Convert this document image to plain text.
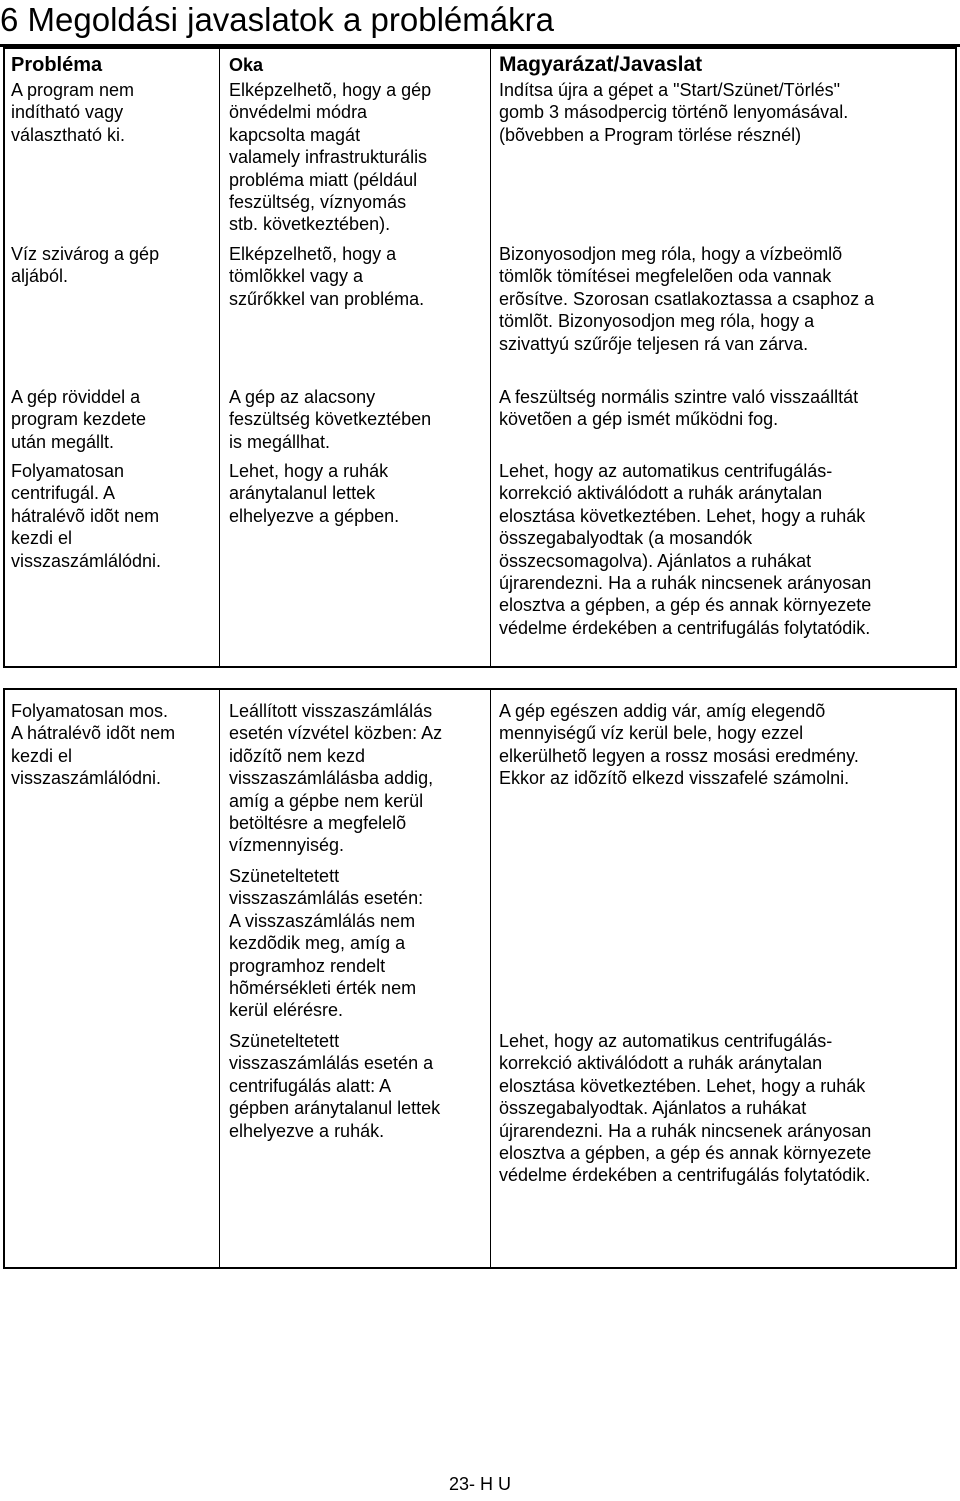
6 Megoldási javaslatok a problémákra
Probléma	Oka	Magyarázat/Javaslat
A program nem
indítható vagy
választható ki.
Elképzelhetõ, hogy a gép
önvédelmi módra
kapcsolta magát
valamely infrastrukturális
probléma miatt (például
feszültség, víznyomás
stb. következtében).
Indítsa újra a gépet a "Start/Szünet/Törlés"
gomb 3 másodpercig történõ lenyomásával.
(bõvebben a Program törlése résznél)
Víz szivárog a gép
aljából.
Elképzelhetõ, hogy a
tömlõkkel vagy a
szűrőkkel van probléma.
Bizonyosodjon meg róla, hogy a vízbeömlõ
tömlõk tömítései megfelelõen oda vannak
erõsítve. Szorosan csatlakoztassa a csaphoz a
tömlõt. Bizonyosodjon meg róla, hogy a
szivattyú szűrője teljesen rá van zárva.
A gép röviddel a
program kezdete
után megállt.
A gép az alacsony
feszültség következtében
is megállhat.
A feszültség normális szintre való visszaálltát
követõen a gép ismét működni fog.
Folyamatosan
centrifugál. A
hátralévõ idõt nem
kezdi el
visszaszámlálódni.
Lehet, hogy a ruhák
aránytalanul lettek
elhelyezve a gépben.
Lehet, hogy az automatikus centrifugálás-
korrekció aktiválódott a ruhák aránytalan
elosztása következtében. Lehet, hogy a ruhák
összegabalyodtak (a mosandók
összecsomagolva). Ajánlatos a ruhákat
újrarendezni. Ha a ruhák nincsenek arányosan
elosztva a gépben, a gép és annak környezete
védelme érdekében a centrifugálás folytatódik.
Folyamatosan mos.
A hátralévõ idõt nem
kezdi el
visszaszámlálódni.
Leállított visszaszámlálás
esetén vízvétel közben: Az
idõzítõ nem kezd
visszaszámlálásba addig,
amíg a gépbe nem kerül
betöltésre a megfelelõ
vízmennyiség.
A gép egészen addig vár, amíg elegendõ
mennyiségű víz kerül bele, hogy ezzel
elkerülhetõ legyen a rossz mosási eredmény.
Ekkor az idõzítõ elkezd visszafelé számolni.
Szüneteltetett
visszaszámlálás esetén:
A visszaszámlálás nem
kezdõdik meg, amíg a
programhoz rendelt
hõmérsékleti érték nem
kerül elérésre.
Szüneteltetett
visszaszámlálás esetén a
centrifugálás alatt: A
gépben aránytalanul lettek
elhelyezve a ruhák.
Lehet, hogy az automatikus centrifugálás-
korrekció aktiválódott a ruhák aránytalan
elosztása következtében. Lehet, hogy a ruhák
összegabalyodtak. Ajánlatos a ruhákat
újrarendezni. Ha a ruhák nincsenek arányosan
elosztva a gépben, a gép és annak környezete
védelme érdekében a centrifugálás folytatódik.
23- H U
